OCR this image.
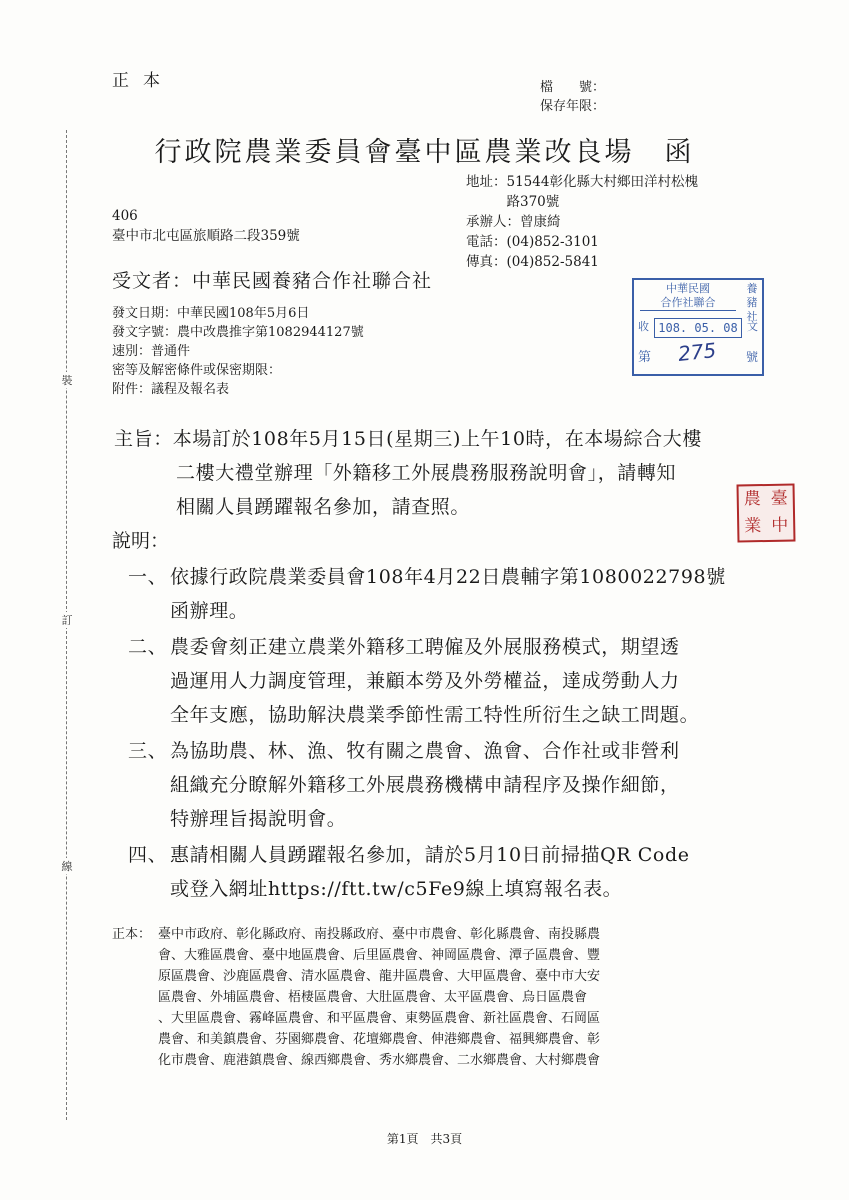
裝
訂
線
正本	檔　　號：
保存年限：
行政院農業委員會臺中區農業改良場　函
地址：51544彰化縣大村鄉田洋村松槐
　　　路370號
承辦人：曾康綺
電話：(04)852-3101
傳真：(04)852-5841
406
臺中市北屯區旅順路二段359號
受文者：中華民國養豬合作社聯合社
發文日期：中華民國108年5月6日
發文字號：農中改農推字第1082944127號
速別：普通件
密等及解密條件或保密期限：
附件：議程及報名表
中華民國
合作社聯合
養豬社
收 108. 05. 08 文
第 275 號
農 臺
業 中
主旨：本場訂於108年5月15日(星期三)上午10時，在本場綜合大樓
二樓大禮堂辦理「外籍移工外展農務服務說明會」，請轉知
相關人員踴躍報名參加，請查照。
說明：
一、 依據行政院農業委員會108年4月22日農輔字第1080022798號
函辦理。
二、 農委會刻正建立農業外籍移工聘僱及外展服務模式，期望透
過運用人力調度管理，兼顧本勞及外勞權益，達成勞動人力
全年支應，協助解決農業季節性需工特性所衍生之缺工問題。
三、 為協助農、林、漁、牧有關之農會、漁會、合作社或非營利
組織充分瞭解外籍移工外展農務機構申請程序及操作細節，
特辦理旨揭說明會。
四、 惠請相關人員踴躍報名參加，請於5月10日前掃描QR Code
或登入網址https://ftt.tw/c5Fe9線上填寫報名表。
正本： 臺中市政府、彰化縣政府、南投縣政府、臺中市農會、彰化縣農會、南投縣農
會、大雅區農會、臺中地區農會、后里區農會、神岡區農會、潭子區農會、豐
原區農會、沙鹿區農會、清水區農會、龍井區農會、大甲區農會、臺中市大安
區農會、外埔區農會、梧棲區農會、大肚區農會、太平區農會、烏日區農會
、大里區農會、霧峰區農會、和平區農會、東勢區農會、新社區農會、石岡區
農會、和美鎮農會、芬園鄉農會、花壇鄉農會、伸港鄉農會、福興鄉農會、彰
化市農會、鹿港鎮農會、線西鄉農會、秀水鄉農會、二水鄉農會、大村鄉農會
第1頁　共3頁
